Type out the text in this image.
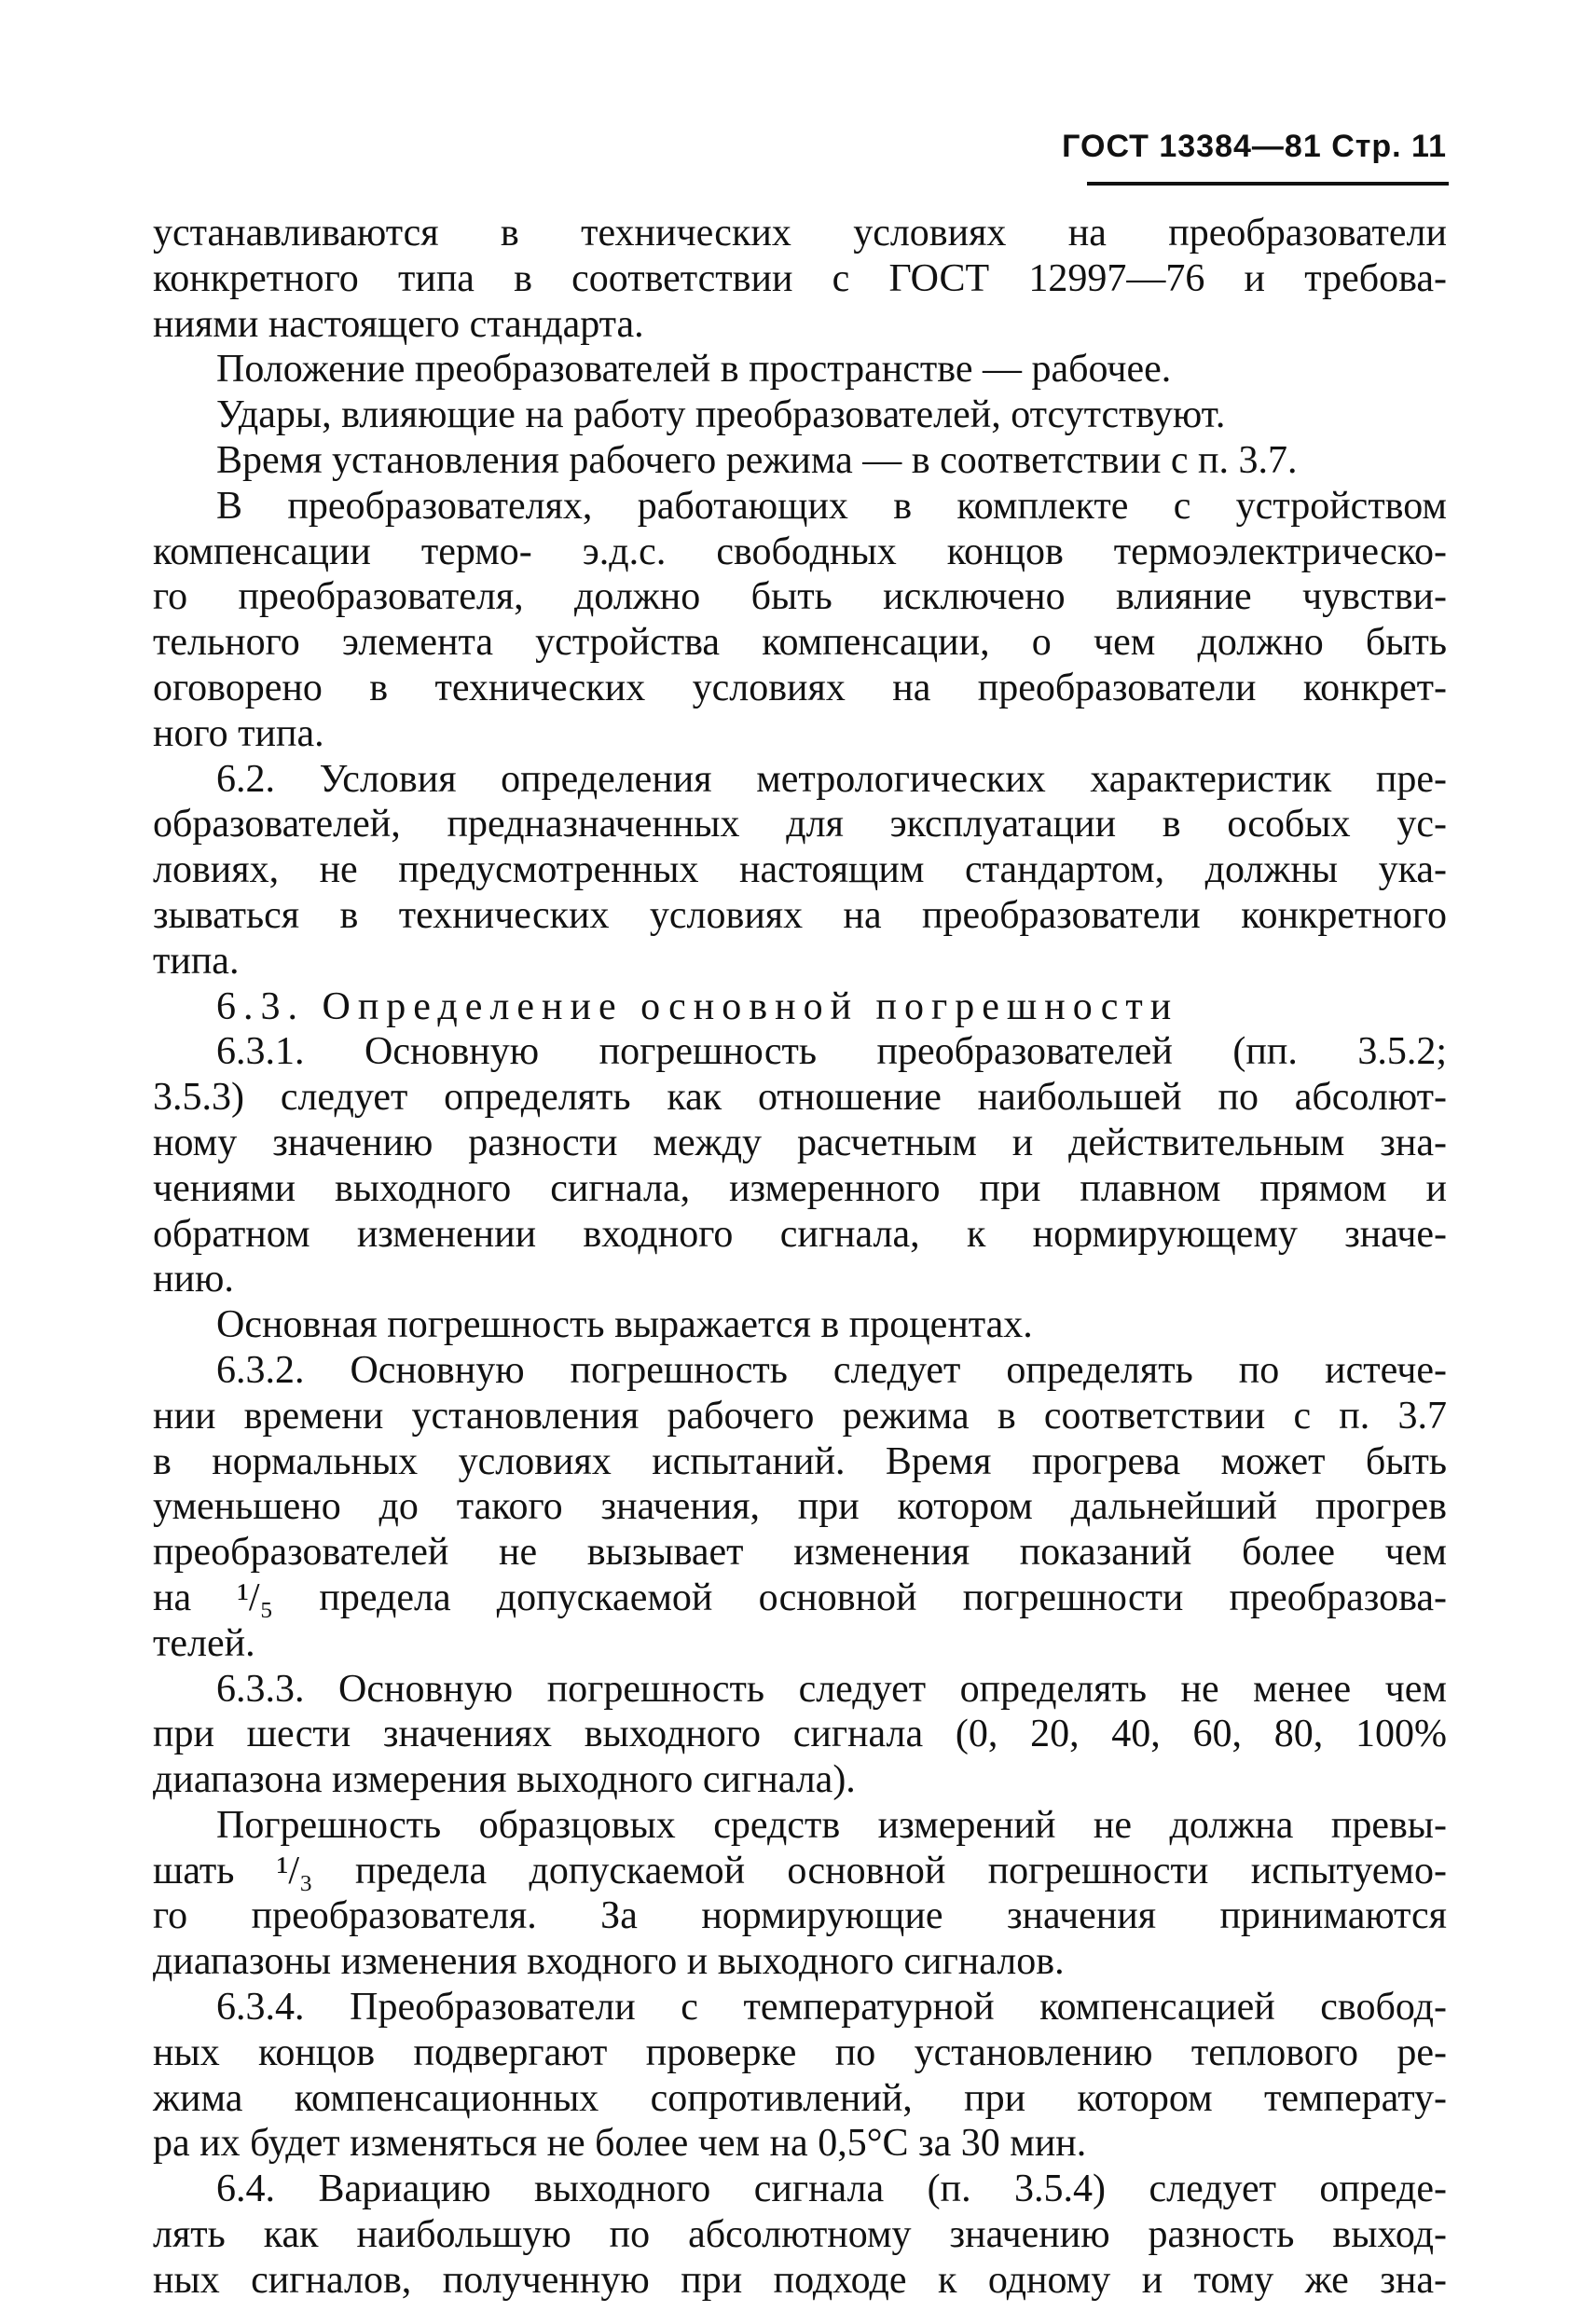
ГОСТ 13384—81 Стр. 11
устанавливаются в технических условиях на преобразователи
конкретного типа в соответствии с ГОСТ 12997—76 и требова-
ниями настоящего стандарта.
Положение преобразователей в пространстве — рабочее.
Удары, влияющие на работу преобразователей, отсутствуют.
Время установления рабочего режима — в соответствии с п. 3.7.
В преобразователях, работающих в комплекте с устройством
компенсации термо- э.д.с. свободных концов термоэлектрическо-
го преобразователя, должно быть исключено влияние чувстви-
тельного элемента устройства компенсации, о чем должно быть
оговорено в технических условиях на преобразователи конкрет-
ного типа.
6.2. Условия определения метрологических характеристик пре-
образователей, предназначенных для эксплуатации в особых ус-
ловиях, не предусмотренных настоящим стандартом, должны ука-
зываться в технических условиях на преобразователи конкретного
типа.
6.3. Определение основной погрешности
6.3.1. Основную погрешность преобразователей (пп. 3.5.2;
3.5.3) следует определять как отношение наибольшей по абсолют-
ному значению разности между расчетным и действительным зна-
чениями выходного сигнала, измеренного при плавном прямом и
обратном изменении входного сигнала, к нормирующему значе-
нию.
Основная погрешность выражается в процентах.
6.3.2. Основную погрешность следует определять по истече-
нии времени установления рабочего режима в соответствии с п. 3.7
в нормальных условиях испытаний. Время прогрева может быть
уменьшено до такого значения, при котором дальнейший прогрев
преобразователей не вызывает изменения показаний более чем
на ¹/₅ предела допускаемой основной погрешности преобразова-
телей.
6.3.3. Основную погрешность следует определять не менее чем
при шести значениях выходного сигнала (0, 20, 40, 60, 80, 100%
диапазона измерения выходного сигнала).
Погрешность образцовых средств измерений не должна превы-
шать ¹/₃ предела допускаемой основной погрешности испытуемо-
го преобразователя. За нормирующие значения принимаются
диапазоны изменения входного и выходного сигналов.
6.3.4. Преобразователи с температурной компенсацией свобод-
ных концов подвергают проверке по установлению теплового ре-
жима компенсационных сопротивлений, при котором температу-
ра их будет изменяться не более чем на 0,5°С за 30 мин.
6.4. Вариацию выходного сигнала (п. 3.5.4) следует опреде-
лять как наибольшую по абсолютному значению разность выход-
ных сигналов, полученную при подходе к одному и тому же зна-
